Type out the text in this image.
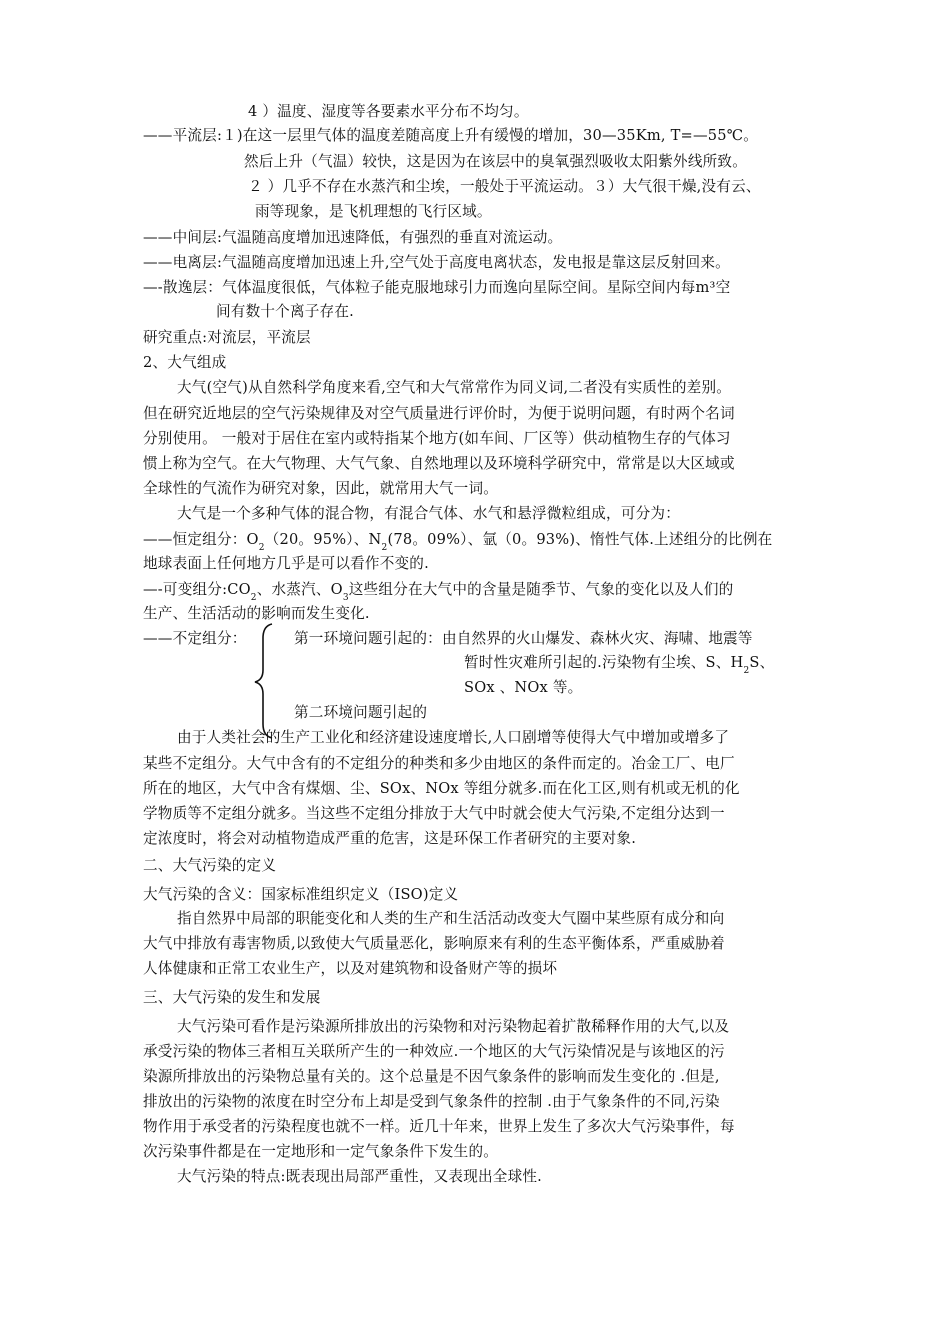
4 ）温度、湿度等各要素水平分布不均匀。
——平流层:１)在这一层里气体的温度差随高度上升有缓慢的增加，30—35Km, T=—55℃。
然后上升（气温）较快，这是因为在该层中的臭氧强烈吸收太阳紫外线所致。
２ ）几乎不存在水蒸汽和尘埃，一般处于平流运动。３）大气很干燥,没有云、
雨等现象，是飞机理想的飞行区域。
——中间层:气温随高度增加迅速降低，有强烈的垂直对流运动。
——电离层:气温随高度增加迅速上升,空气处于高度电离状态，发电报是靠这层反射回来。
—-散逸层：气体温度很低，气体粒子能克服地球引力而逸向星际空间。星际空间内每m³空
间有数十个离子存在.
研究重点:对流层，平流层
2、大气组成
大气(空气)从自然科学角度来看,空气和大气常常作为同义词,二者没有实质性的差别。
但在研究近地层的空气污染规律及对空气质量进行评价时，为便于说明问题，有时两个名词
分别使用。 一般对于居住在室内或特指某个地方(如车间、厂区等）供动植物生存的气体习
惯上称为空气。在大气物理、大气气象、自然地理以及环境科学研究中，常常是以大区域或
全球性的气流作为研究对象，因此，就常用大气一词。
大气是一个多种气体的混合物，有混合气体、水气和悬浮微粒组成，可分为：
——恒定组分：$O_2(20$。95%）、$N_2(78$。09%）、氩（0。93%)、惰性气体.上述组分的比例在
地球表面上任何地方几乎是可以看作不变的.
—-可变组分$:CO_2$、水蒸汽、$O_3$这些组分在大气中的含量是随季节、气象的变化以及人们的
生产、生活活动的影响而发生变化.
——不定组分：	第一环境问题引起的：由自然界的火山爆发、森林火灾、海啸、地震等
暂时性灾难所引起的.污染物有尘埃、S、$H_2S$、
SOx 、NOx 等。
第二环境问题引起的
由于人类社会的生产工业化和经济建设速度增长,人口剧增等使得大气中增加或增多了
某些不定组分。大气中含有的不定组分的种类和多少由地区的条件而定的。冶金工厂、电厂
所在的地区，大气中含有煤烟、尘、SOx、NOx 等组分就多.而在化工区,则有机或无机的化
学物质等不定组分就多。当这些不定组分排放于大气中时就会使大气污染,不定组分达到一
定浓度时，将会对动植物造成严重的危害，这是环保工作者研究的主要对象.
二、大气污染的定义
大气污染的含义：国家标准组织定义（ISO)定义
指自然界中局部的职能变化和人类的生产和生活活动改变大气圈中某些原有成分和向
大气中排放有毒害物质,以致使大气质量恶化，影响原来有利的生态平衡体系，严重威胁着
人体健康和正常工农业生产，以及对建筑物和设备财产等的损坏
三、大气污染的发生和发展
大气污染可看作是污染源所排放出的污染物和对污染物起着扩散稀释作用的大气,以及
承受污染的物体三者相互关联所产生的一种效应.一个地区的大气污染情况是与该地区的污
染源所排放出的污染物总量有关的。这个总量是不因气象条件的影响而发生变化的 .但是,
排放出的污染物的浓度在时空分布上却是受到气象条件的控制 .由于气象条件的不同,污染
物作用于承受者的污染程度也就不一样。近几十年来，世界上发生了多次大气污染事件，每
次污染事件都是在一定地形和一定气象条件下发生的。
大气污染的特点:既表现出局部严重性，又表现出全球性.
